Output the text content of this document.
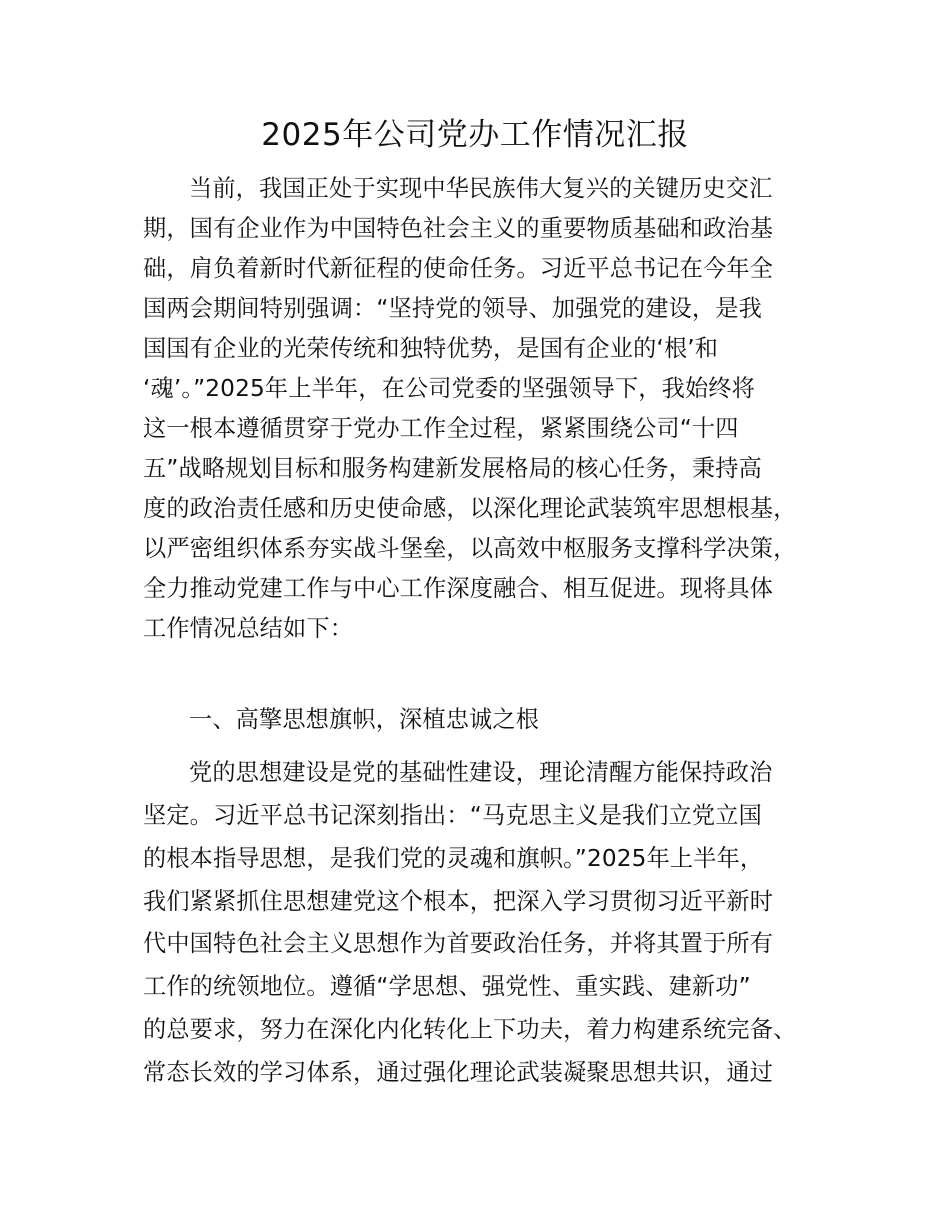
2025年公司党办工作情况汇报
当前，我国正处于实现中华民族伟大复兴的关键历史交汇
期，国有企业作为中国特色社会主义的重要物质基础和政治基
础，肩负着新时代新征程的使命任务。习近平总书记在今年全
国两会期间特别强调：“坚持党的领导、加强党的建设，是我
国国有企业的光荣传统和独特优势，是国有企业的‘根’和
‘魂’。”2025年上半年，在公司党委的坚强领导下，我始终将
这一根本遵循贯穿于党办工作全过程，紧紧围绕公司“十四
五”战略规划目标和服务构建新发展格局的核心任务，秉持高
度的政治责任感和历史使命感，以深化理论武装筑牢思想根基，
以严密组织体系夯实战斗堡垒，以高效中枢服务支撑科学决策，
全力推动党建工作与中心工作深度融合、相互促进。现将具体
工作情况总结如下：
一、高擎思想旗帜，深植忠诚之根
党的思想建设是党的基础性建设，理论清醒方能保持政治
坚定。习近平总书记深刻指出：“马克思主义是我们立党立国
的根本指导思想，是我们党的灵魂和旗帜。”2025年上半年，
我们紧紧抓住思想建党这个根本，把深入学习贯彻习近平新时
代中国特色社会主义思想作为首要政治任务，并将其置于所有
工作的统领地位。遵循“学思想、强党性、重实践、建新功”
的总要求，努力在深化内化转化上下功夫，着力构建系统完备、
常态长效的学习体系，通过强化理论武装凝聚思想共识，通过
